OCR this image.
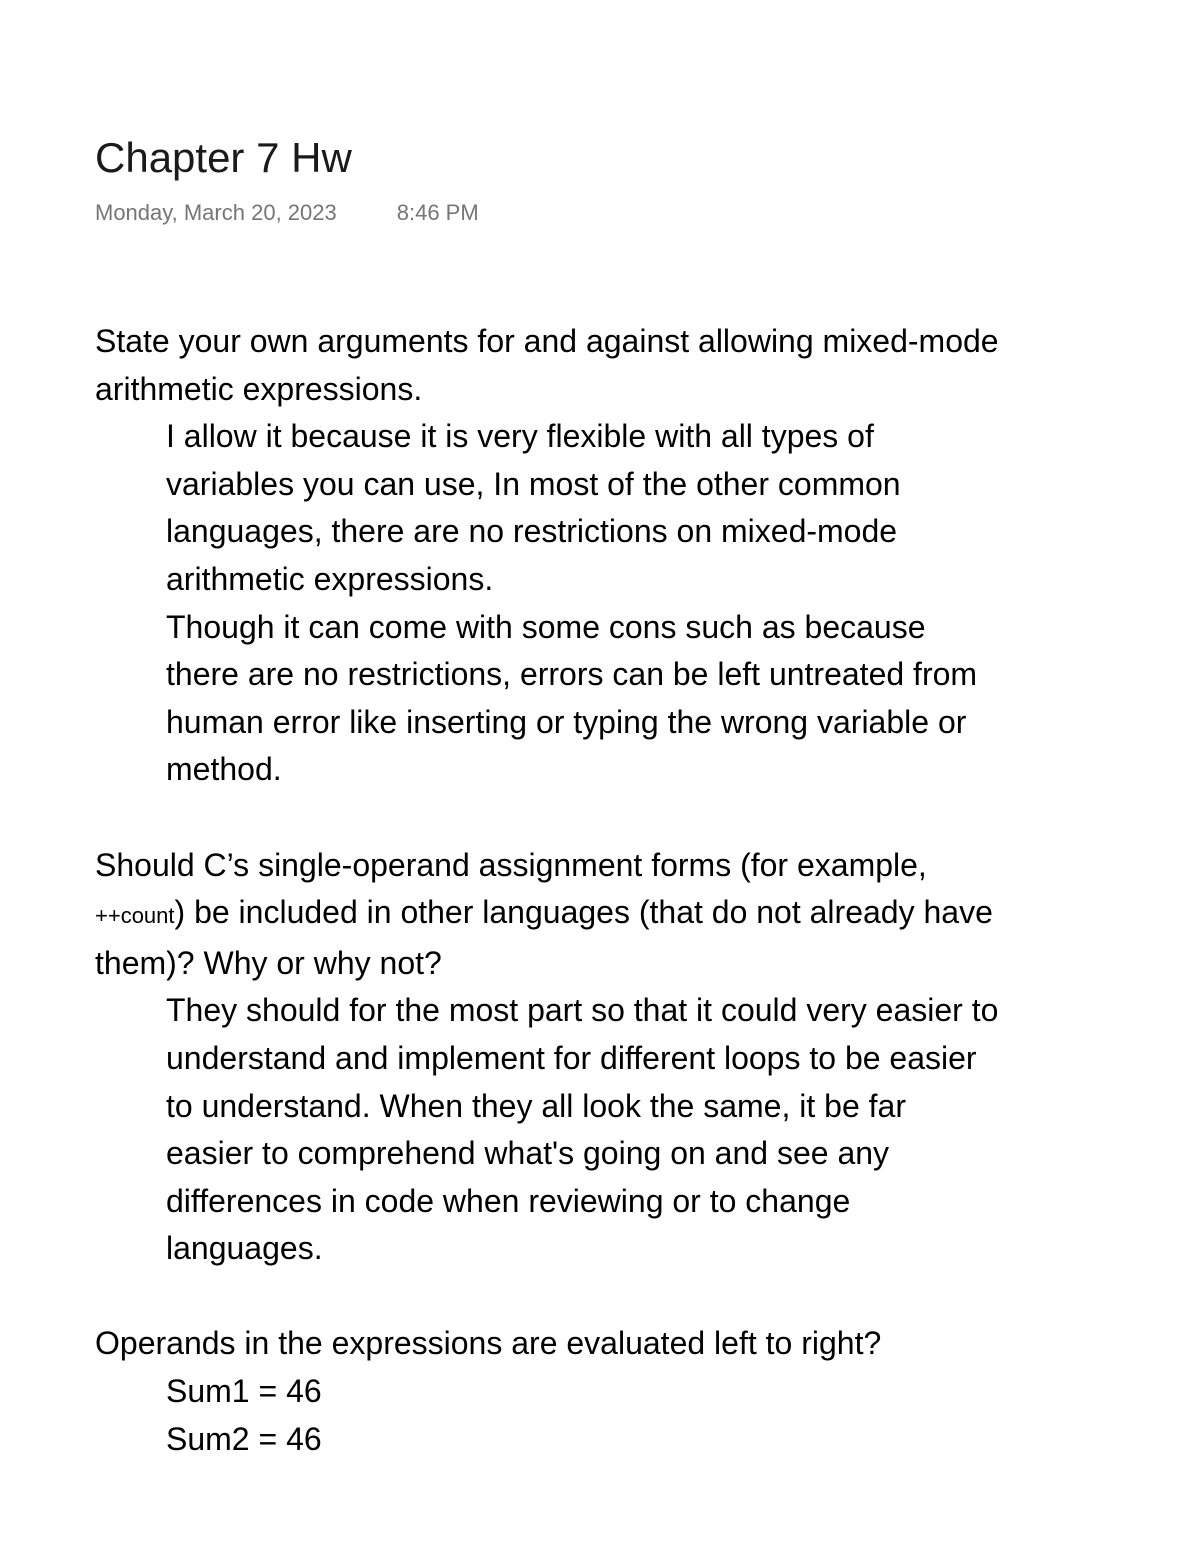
Chapter 7 Hw
Monday, March 20, 2023	8:46 PM

State your own arguments for and against allowing mixed-mode arithmetic expressions.

I allow it because it is very flexible with all types of variables you can use, In most of the other common languages, there are no restrictions on mixed-mode arithmetic expressions.

Though it can come with some cons such as because there are no restrictions, errors can be left untreated from human error like inserting or typing the wrong variable or method.

Should C’s single-operand assignment forms (for example, ++count) be included in other languages (that do not already have them)? Why or why not?

They should for the most part so that it could very easier to understand and implement for different loops to be easier to understand. When they all look the same, it be far easier to comprehend what's going on and see any differences in code when reviewing or to change languages.

Operands in the expressions are evaluated left to right?

Sum1 = 46

Sum2 = 46
